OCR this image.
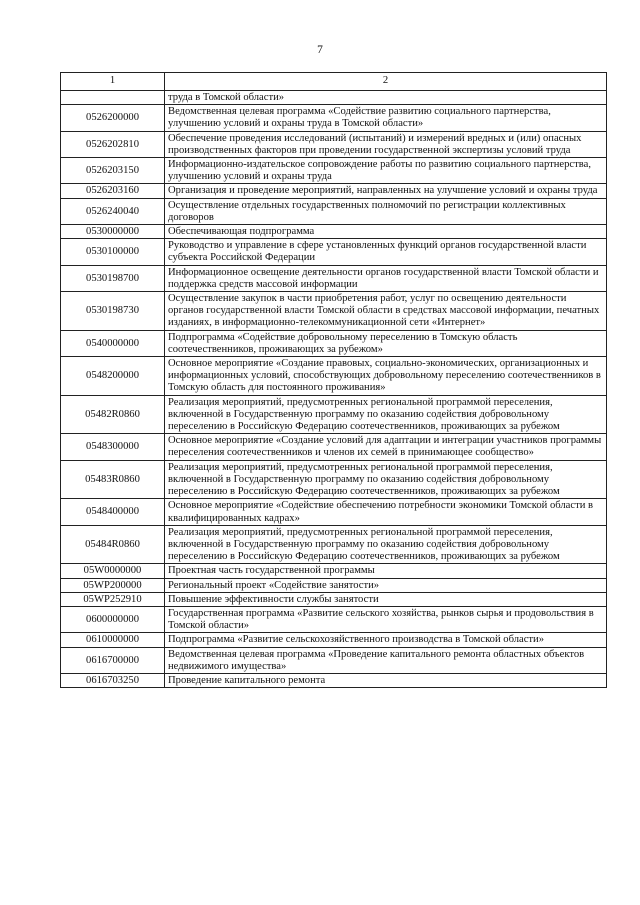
7
1	2
	труда в Томской области»
0526200000	Ведомственная целевая программа «Содействие развитию социального партнерства, улучшению условий и охраны труда в Томской области»
0526202810	Обеспечение проведения исследований (испытаний) и измерений вредных и (или) опасных производственных факторов при проведении государственной экспертизы условий труда
0526203150	Информационно-издательское сопровождение работы по развитию социального партнерства, улучшению условий и охраны труда
0526203160	Организация и проведение мероприятий, направленных на улучшение условий и охраны труда
0526240040	Осуществление отдельных государственных полномочий по регистрации коллективных договоров
0530000000	Обеспечивающая подпрограмма
0530100000	Руководство и управление в сфере установленных функций органов государственной власти субъекта Российской Федерации
0530198700	Информационное освещение деятельности органов государственной власти Томской области и поддержка средств массовой информации
0530198730	Осуществление закупок в части приобретения работ, услуг по освещению деятельности органов государственной власти Томской области в средствах массовой информации, печатных изданиях, в информационно-телекоммуникационной сети «Интернет»
0540000000	Подпрограмма «Содействие добровольному переселению в Томскую область соотечественников, проживающих за рубежом»
0548200000	Основное мероприятие «Создание правовых, социально-экономических, организационных и информационных условий, способствующих добровольному переселению соотечественников в Томскую область для постоянного проживания»
05482R0860	Реализация мероприятий, предусмотренных региональной программой переселения, включенной в Государственную программу по оказанию содействия добровольному переселению в Российскую Федерацию соотечественников, проживающих за рубежом
0548300000	Основное мероприятие «Создание условий для адаптации и интеграции участников программы переселения соотечественников и членов их семей в принимающее сообщество»
05483R0860	Реализация мероприятий, предусмотренных региональной программой переселения, включенной в Государственную программу по оказанию содействия добровольному переселению в Российскую Федерацию соотечественников, проживающих за рубежом
0548400000	Основное мероприятие «Содействие обеспечению потребности экономики Томской области в квалифицированных кадрах»
05484R0860	Реализация мероприятий, предусмотренных региональной программой переселения, включенной в Государственную программу по оказанию содействия добровольному переселению в Российскую Федерацию соотечественников, проживающих за рубежом
05W0000000	Проектная часть государственной программы
05WP200000	Региональный проект «Содействие занятости»
05WP252910	Повышение эффективности службы занятости
0600000000	Государственная программа «Развитие сельского хозяйства, рынков сырья и продовольствия в Томской области»
0610000000	Подпрограмма «Развитие сельскохозяйственного производства в Томской области»
0616700000	Ведомственная целевая программа «Проведение капитального ремонта областных объектов недвижимого имущества»
0616703250	Проведение капитального ремонта
